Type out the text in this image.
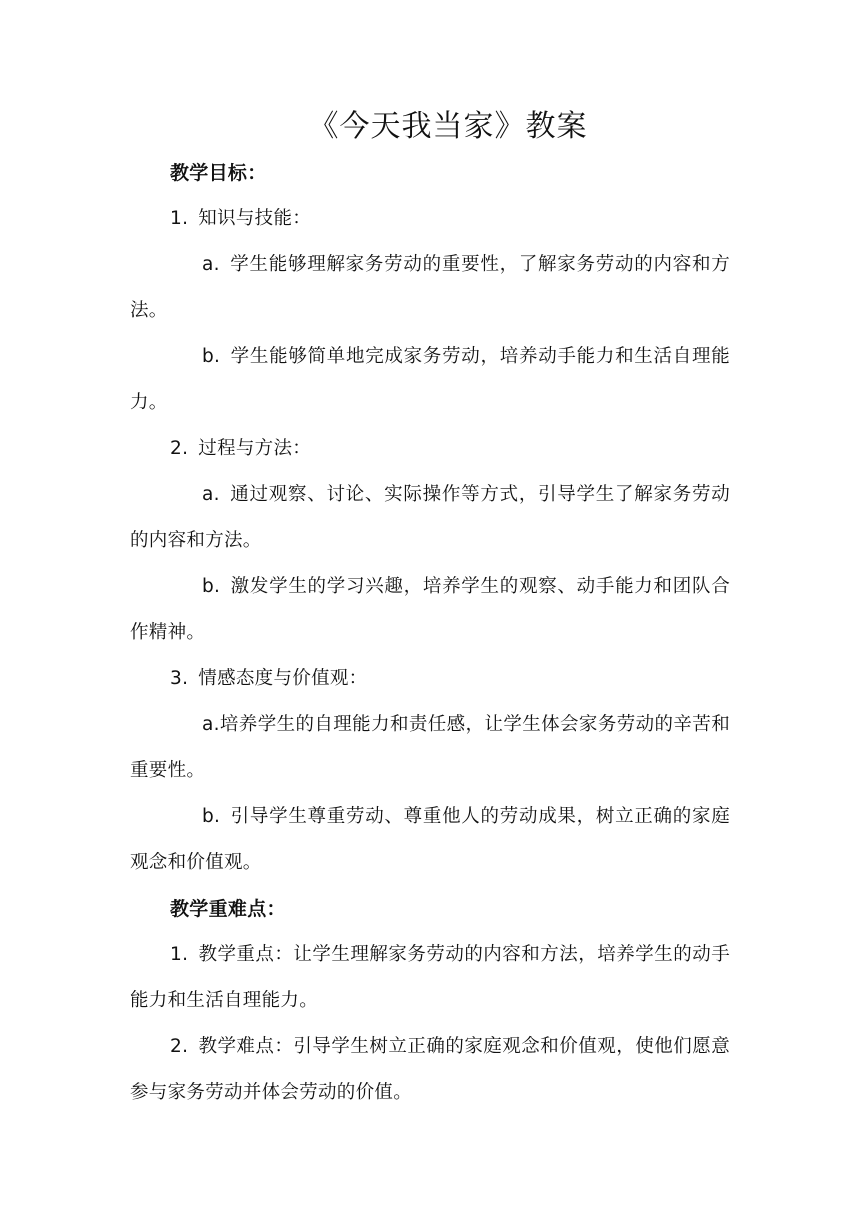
《今天我当家》教案

教学目标：

1. 知识与技能：

a. 学生能够理解家务劳动的重要性，了解家务劳动的内容和方法。

b. 学生能够简单地完成家务劳动，培养动手能力和生活自理能力。

2. 过程与方法：

a. 通过观察、讨论、实际操作等方式，引导学生了解家务劳动的内容和方法。

b. 激发学生的学习兴趣，培养学生的观察、动手能力和团队合作精神。

3. 情感态度与价值观：

a.培养学生的自理能力和责任感，让学生体会家务劳动的辛苦和重要性。

b. 引导学生尊重劳动、尊重他人的劳动成果，树立正确的家庭观念和价值观。

教学重难点：

1. 教学重点：让学生理解家务劳动的内容和方法，培养学生的动手能力和生活自理能力。

2. 教学难点：引导学生树立正确的家庭观念和价值观，使他们愿意参与家务劳动并体会劳动的价值。
